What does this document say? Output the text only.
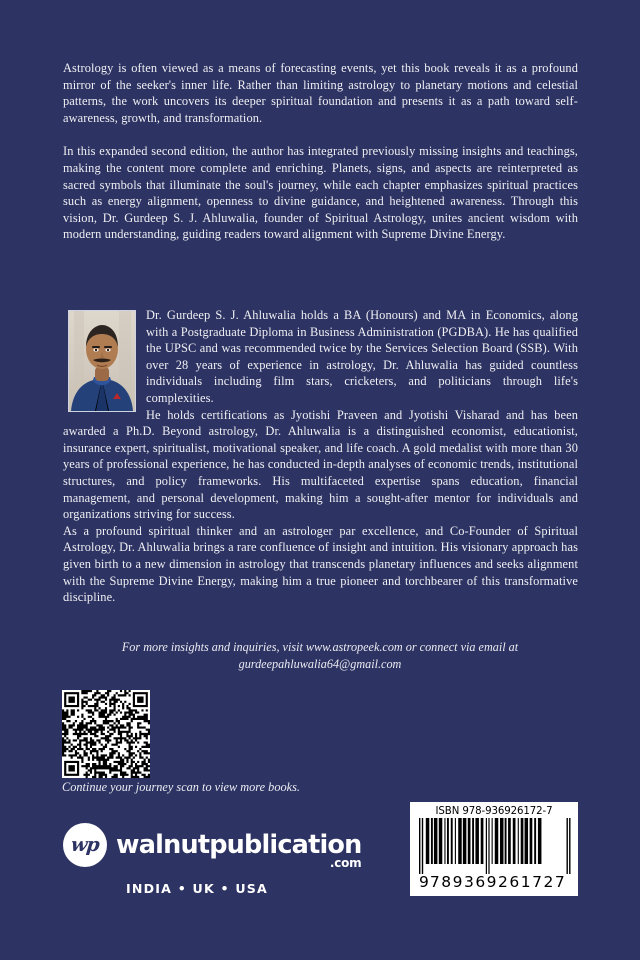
Astrology is often viewed as a means of forecasting events, yet this book reveals it as a profound mirror of the seeker's inner life. Rather than limiting astrology to planetary motions and celestial patterns, the work uncovers its deeper spiritual foundation and presents it as a path toward self-awareness, growth, and transformation.

In this expanded second edition, the author has integrated previously missing insights and teachings, making the content more complete and enriching. Planets, signs, and aspects are reinterpreted as sacred symbols that illuminate the soul's journey, while each chapter emphasizes spiritual practices such as energy alignment, openness to divine guidance, and heightened awareness. Through this vision, Dr. Gurdeep S. J. Ahluwalia, founder of Spiritual Astrology, unites ancient wisdom with modern understanding, guiding readers toward alignment with Supreme Divine Energy.

Dr. Gurdeep S. J. Ahluwalia holds a BA (Honours) and MA in Economics, along with a Postgraduate Diploma in Business Administration (PGDBA). He has qualified the UPSC and was recommended twice by the Services Selection Board (SSB). With over 28 years of experience in astrology, Dr. Ahluwalia has guided countless individuals including film stars, cricketers, and politicians through life's complexities.

He holds certifications as Jyotishi Praveen and Jyotishi Visharad and has been awarded a Ph.D. Beyond astrology, Dr. Ahluwalia is a distinguished economist, educationist, insurance expert, spiritualist, motivational speaker, and life coach. A gold medalist with more than 30 years of professional experience, he has conducted in-depth analyses of economic trends, institutional structures, and policy frameworks. His multifaceted expertise spans education, financial management, and personal development, making him a sought-after mentor for individuals and organizations striving for success.

As a profound spiritual thinker and an astrologer par excellence, and Co-Founder of Spiritual Astrology, Dr. Ahluwalia brings a rare confluence of insight and intuition. His visionary approach has given birth to a new dimension in astrology that transcends planetary influences and seeks alignment with the Supreme Divine Energy, making him a true pioneer and torchbearer of this transformative discipline.

For more insights and inquiries, visit www.astropeek.com or connect via email at gurdeepahluwalia64@gmail.com
Continue your journey scan to view more books.
wp walnutpublication
.com
INDIA • UK • USA
ISBN 978-936926172-7
9 789369 261727
